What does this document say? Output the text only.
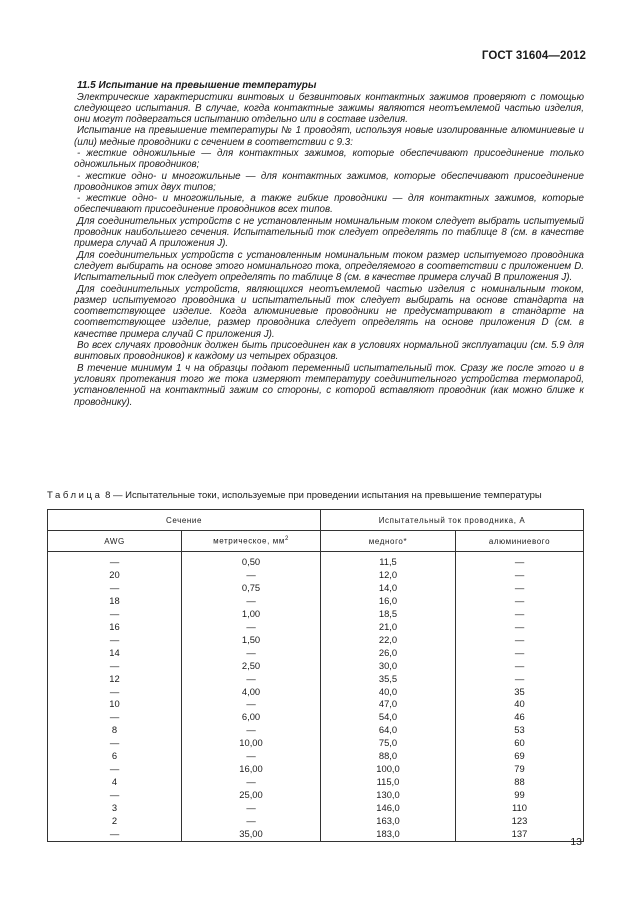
ГОСТ 31604—2012

11.5 Испытание на превышение температуры

Электрические характеристики винтовых и безвинтовых контактных зажимов проверяют с помощью следующего испытания. В случае, когда контактные зажимы являются неотъемлемой частью изделия, они могут подвергаться испытанию отдельно или в составе изделия.

Испытание на превышение температуры № 1 проводят, используя новые изолированные алюминиевые и (или) медные проводники с сечением в соответствии с 9.3:

- жесткие одножильные — для контактных зажимов, которые обеспечивают присоединение только одножильных проводников;

- жесткие одно- и многожильные — для контактных зажимов, которые обеспечивают присоединение проводников этих двух типов;

- жесткие одно- и многожильные, а также гибкие проводники — для контактных зажимов, которые обеспечивают присоединение проводников всех типов.

Для соединительных устройств с не установленным номинальным током следует выбрать испытуемый проводник наибольшего сечения. Испытательный ток следует определять по таблице 8 (см. в качестве примера случай А приложения J).

Для соединительных устройств с установленным номинальным током размер испытуемого проводника следует выбирать на основе этого номинального тока, определяемого в соответствии с приложением D. Испытательный ток следует определять по таблице 8 (см. в качестве примера случай В приложения J).

Для соединительных устройств, являющихся неотъемлемой частью изделия с номинальным током, размер испытуемого проводника и испытательный ток следует выбирать на основе стандарта на соответствующее изделие. Когда алюминиевые проводники не предусматривают в стандарте на соответствующее изделие, размер проводника следует определять на основе приложения D (см. в качестве примера случай С приложения J).

Во всех случаях проводник должен быть присоединен как в условиях нормальной эксплуатации (см. 5.9 для винтовых проводников) к каждому из четырех образцов.

В течение минимум 1 ч на образцы подают переменный испытательный ток. Сразу же после этого и в условиях протекания того же тока измеряют температуру соединительного устройства термопарой, установленной на контактный зажим со стороны, с которой вставляют проводник (как можно ближе к проводнику).

Таблица 8 — Испытательные токи, используемые при проведении испытания на превышение температуры
Сечение		Испытательный ток проводника, А	
AWG	метрическое, $мм^2$	медного*	алюминиевого
—	0,50	11,5	—
20	—	12,0	—
—	0,75	14,0	—
18	—	16,0	—
—	1,00	18,5	—
16	—	21,0	—
—	1,50	22,0	—
14	—	26,0	—
—	2,50	30,0	—
12	—	35,5	—
—	4,00	40,0	35
10	—	47,0	40
—	6,00	54,0	46
8	—	64,0	53
—	10,00	75,0	60
6	—	88,0	69
—	16,00	100,0	79
4	—	115,0	88
—	25,00	130,0	99
3	—	146,0	110
2	—	163,0	123
—	35,00	183,0	137
13
